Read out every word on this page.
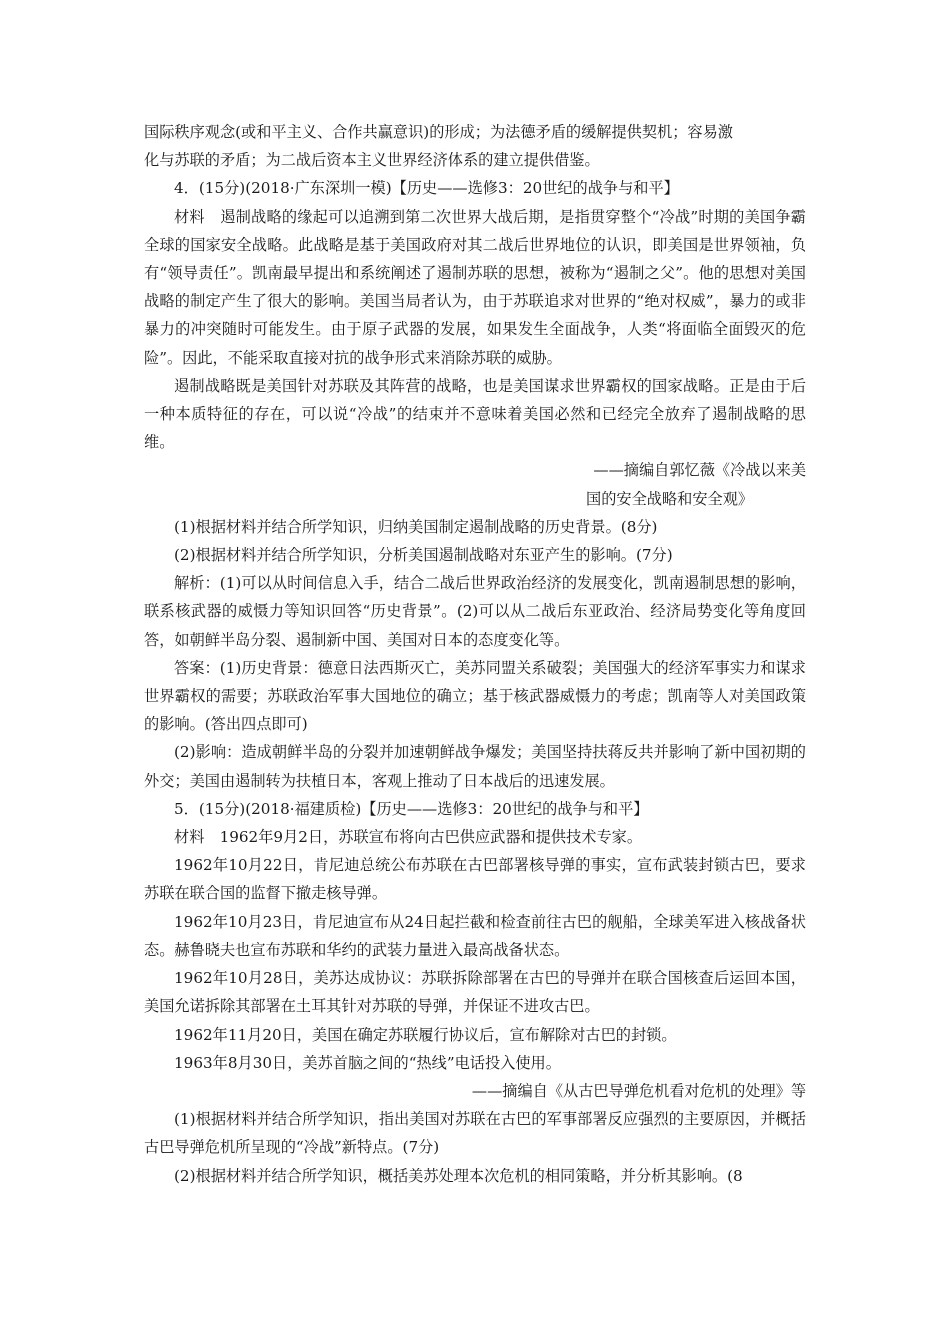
国际秩序观念(或和平主义、合作共赢意识)的形成；为法德矛盾的缓解提供契机；容易激

化与苏联的矛盾；为二战后资本主义世界经济体系的建立提供借鉴。

4．(15分)(2018·广东深圳一模)【历史——选修3：20世纪的战争与和平】

材料　遏制战略的缘起可以追溯到第二次世界大战后期，是指贯穿整个“冷战”时期的美国争霸全球的国家安全战略。此战略是基于美国政府对其二战后世界地位的认识，即美国是世界领袖，负有“领导责任”。凯南最早提出和系统阐述了遏制苏联的思想，被称为“遏制之父”。他的思想对美国战略的制定产生了很大的影响。美国当局者认为，由于苏联追求对世界的“绝对权威”，暴力的或非暴力的冲突随时可能发生。由于原子武器的发展，如果发生全面战争，人类“将面临全面毁灭的危险”。因此，不能采取直接对抗的战争形式来消除苏联的威胁。

遏制战略既是美国针对苏联及其阵营的战略，也是美国谋求世界霸权的国家战略。正是由于后一种本质特征的存在，可以说“冷战”的结束并不意味着美国必然和已经完全放弃了遏制战略的思维。

——摘编自郭忆薇《冷战以来美

国的安全战略和安全观》

(1)根据材料并结合所学知识，归纳美国制定遏制战略的历史背景。(8分)

(2)根据材料并结合所学知识，分析美国遏制战略对东亚产生的影响。(7分)

解析：(1)可以从时间信息入手，结合二战后世界政治经济的发展变化，凯南遏制思想的影响，联系核武器的威慑力等知识回答“历史背景”。(2)可以从二战后东亚政治、经济局势变化等角度回答，如朝鲜半岛分裂、遏制新中国、美国对日本的态度变化等。

答案：(1)历史背景：德意日法西斯灭亡，美苏同盟关系破裂；美国强大的经济军事实力和谋求世界霸权的需要；苏联政治军事大国地位的确立；基于核武器威慑力的考虑；凯南等人对美国政策的影响。(答出四点即可)

(2)影响：造成朝鲜半岛的分裂并加速朝鲜战争爆发；美国坚持扶蒋反共并影响了新中国初期的外交；美国由遏制转为扶植日本，客观上推动了日本战后的迅速发展。

5．(15分)(2018·福建质检)【历史——选修3：20世纪的战争与和平】

材料　1962年9月2日，苏联宣布将向古巴供应武器和提供技术专家。

1962年10月22日，肯尼迪总统公布苏联在古巴部署核导弹的事实，宣布武装封锁古巴，要求苏联在联合国的监督下撤走核导弹。

1962年10月23日，肯尼迪宣布从24日起拦截和检查前往古巴的舰船，全球美军进入核战备状态。赫鲁晓夫也宣布苏联和华约的武装力量进入最高战备状态。

1962年10月28日，美苏达成协议：苏联拆除部署在古巴的导弹并在联合国核查后运回本国，美国允诺拆除其部署在土耳其针对苏联的导弹，并保证不进攻古巴。

1962年11月20日，美国在确定苏联履行协议后，宣布解除对古巴的封锁。

1963年8月30日，美苏首脑之间的“热线”电话投入使用。

——摘编自《从古巴导弹危机看对危机的处理》等

(1)根据材料并结合所学知识，指出美国对苏联在古巴的军事部署反应强烈的主要原因，并概括古巴导弹危机所呈现的“冷战”新特点。(7分)

(2)根据材料并结合所学知识，概括美苏处理本次危机的相同策略，并分析其影响。(8
